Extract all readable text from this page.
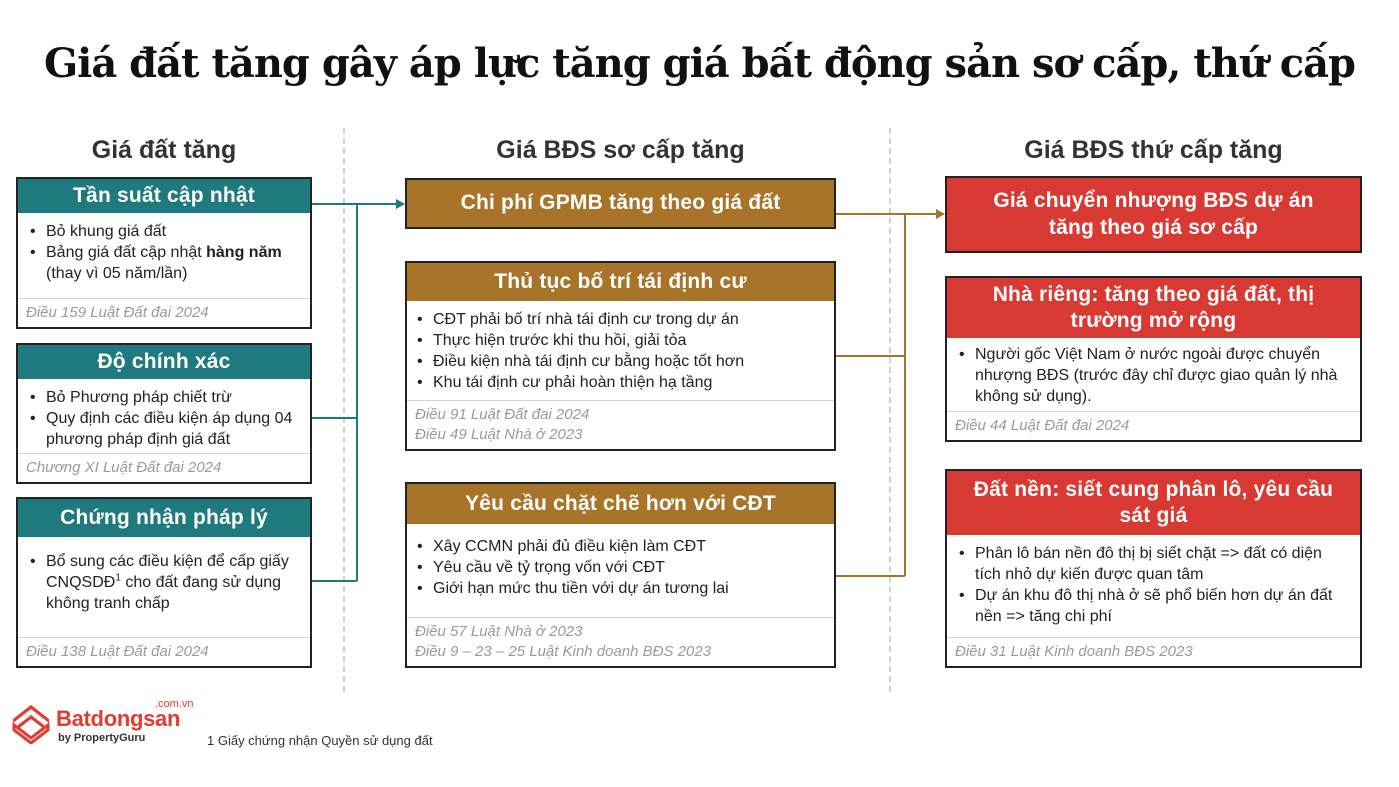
Giá đất tăng gây áp lực tăng giá bất động sản sơ cấp, thứ cấp
Giá đất tăng	Giá BĐS sơ cấp tăng	Giá BĐS thứ cấp tăng
Tần suất cập nhật
• Bỏ khung giá đất
• Bảng giá đất cập nhật hàng năm (thay vì 05 năm/lần)
Điều 159 Luật Đất đai 2024
Độ chính xác
• Bỏ Phương pháp chiết trừ
• Quy định các điều kiện áp dụng 04 phương pháp định giá đất
Chương XI Luật Đất đai 2024
Chứng nhận pháp lý
• Bổ sung các điều kiện để cấp giấy CNQSDĐ$^1$ cho đất đang sử dụng không tranh chấp
Điều 138 Luật Đất đai 2024
Chi phí GPMB tăng theo giá đất
Thủ tục bố trí tái định cư
• CĐT phải bố trí nhà tái định cư trong dự án
• Thực hiện trước khi thu hồi, giải tỏa
• Điều kiện nhà tái định cư bằng hoặc tốt hơn
• Khu tái định cư phải hoàn thiện hạ tầng
Điều 91 Luật Đất đai 2024
Điều 49 Luật Nhà ở 2023
Yêu cầu chặt chẽ hơn với CĐT
• Xây CCMN phải đủ điều kiện làm CĐT
• Yêu cầu về tỷ trọng vốn với CĐT
• Giới hạn mức thu tiền với dự án tương lai
Điều 57 Luật Nhà ở 2023
Điều 9 – 23 – 25 Luật Kinh doanh BĐS 2023
Giá chuyển nhượng BĐS dự án tăng theo giá sơ cấp
Nhà riêng: tăng theo giá đất, thị trường mở rộng
• Người gốc Việt Nam ở nước ngoài được chuyển nhượng BĐS (trước đây chỉ được giao quản lý nhà không sử dụng).
Điều 44 Luật Đất đai 2024
Đất nền: siết cung phân lô, yêu cầu sát giá
• Phân lô bán nền đô thị bị siết chặt => đất có diện tích nhỏ dự kiến được quan tâm
• Dự án khu đô thị nhà ở sẽ phổ biến hơn dự án đất nền => tăng chi phí
Điều 31 Luật Kinh doanh BĐS 2023
.com.vn
Batdongsan
by PropertyGuru	1 Giấy chứng nhận Quyền sử dụng đất
